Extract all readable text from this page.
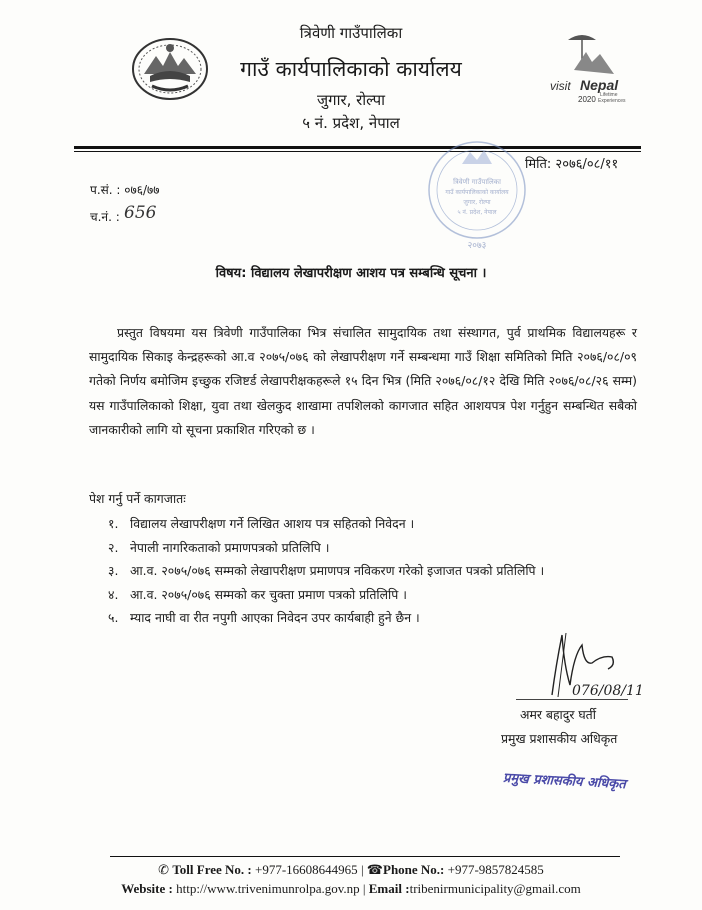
त्रिवेणी गाउँपालिका
गाउँ कार्यपालिकाको कार्यालय
जुगार, रोल्पा
५ नं. प्रदेश, नेपाल
visit Nepal
2020 Lifetime
Experiences
मिति: २०७६/०८/११
प.सं. : ०७६/७७
च.नं. : 656
त्रिवेणी गाउँपालिका
गाउँ कार्यपालिकाको कार्यालय
जुगार, रोल्पा
५ नं. प्रदेश, नेपाल
२०७३
विषय: विद्यालय लेखापरीक्षण आशय पत्र सम्बन्धि सूचना ।
प्रस्तुत विषयमा यस त्रिवेणी गाउँपालिका भित्र संचालित सामुदायिक तथा संस्थागत, पुर्व प्राथमिक विद्यालयहरू र सामुदायिक सिकाइ केन्द्रहरूको आ.व २०७५/०७६ को लेखापरीक्षण गर्ने सम्बन्धमा गाउँ शिक्षा समितिको मिति २०७६/०८/०९ गतेको निर्णय बमोजिम इच्छुक रजिष्टर्ड लेखापरीक्षकहरूले १५ दिन भित्र (मिति २०७६/०८/१२ देखि मिति २०७६/०८/२६ सम्म) यस गाउँपालिकाको शिक्षा, युवा तथा खेलकुद शाखामा तपशिलको कागजात सहित आशयपत्र पेश गर्नुहुन सम्बन्धित सबैको जानकारीको लागि यो सूचना प्रकाशित गरिएको छ ।
पेश गर्नु पर्ने कागजातः
१. विद्यालय लेखापरीक्षण गर्ने लिखित आशय पत्र सहितको निवेदन ।
२. नेपाली नागरिकताको प्रमाणपत्रको प्रतिलिपि ।
३. आ.व. २०७५/०७६ सम्मको लेखापरीक्षण प्रमाणपत्र नविकरण गरेको इजाजत पत्रको प्रतिलिपि ।
४. आ.व. २०७५/०७६ सम्मको कर चुक्ता प्रमाण पत्रको प्रतिलिपि ।
५. म्याद नाघी वा रीत नपुगी आएका निवेदन उपर कार्यबाही हुने छैन ।
076/08/11
अमर बहादुर घर्ती
प्रमुख प्रशासकीय अधिकृत
प्रमुख प्रशासकीय अधिकृत
✆ Toll Free No. : +977-16608644965 | ☎Phone No.: +977-9857824585
Website : http://www.trivenimunrolpa.gov.np | Email :tribenirmunicipality@gmail.com
